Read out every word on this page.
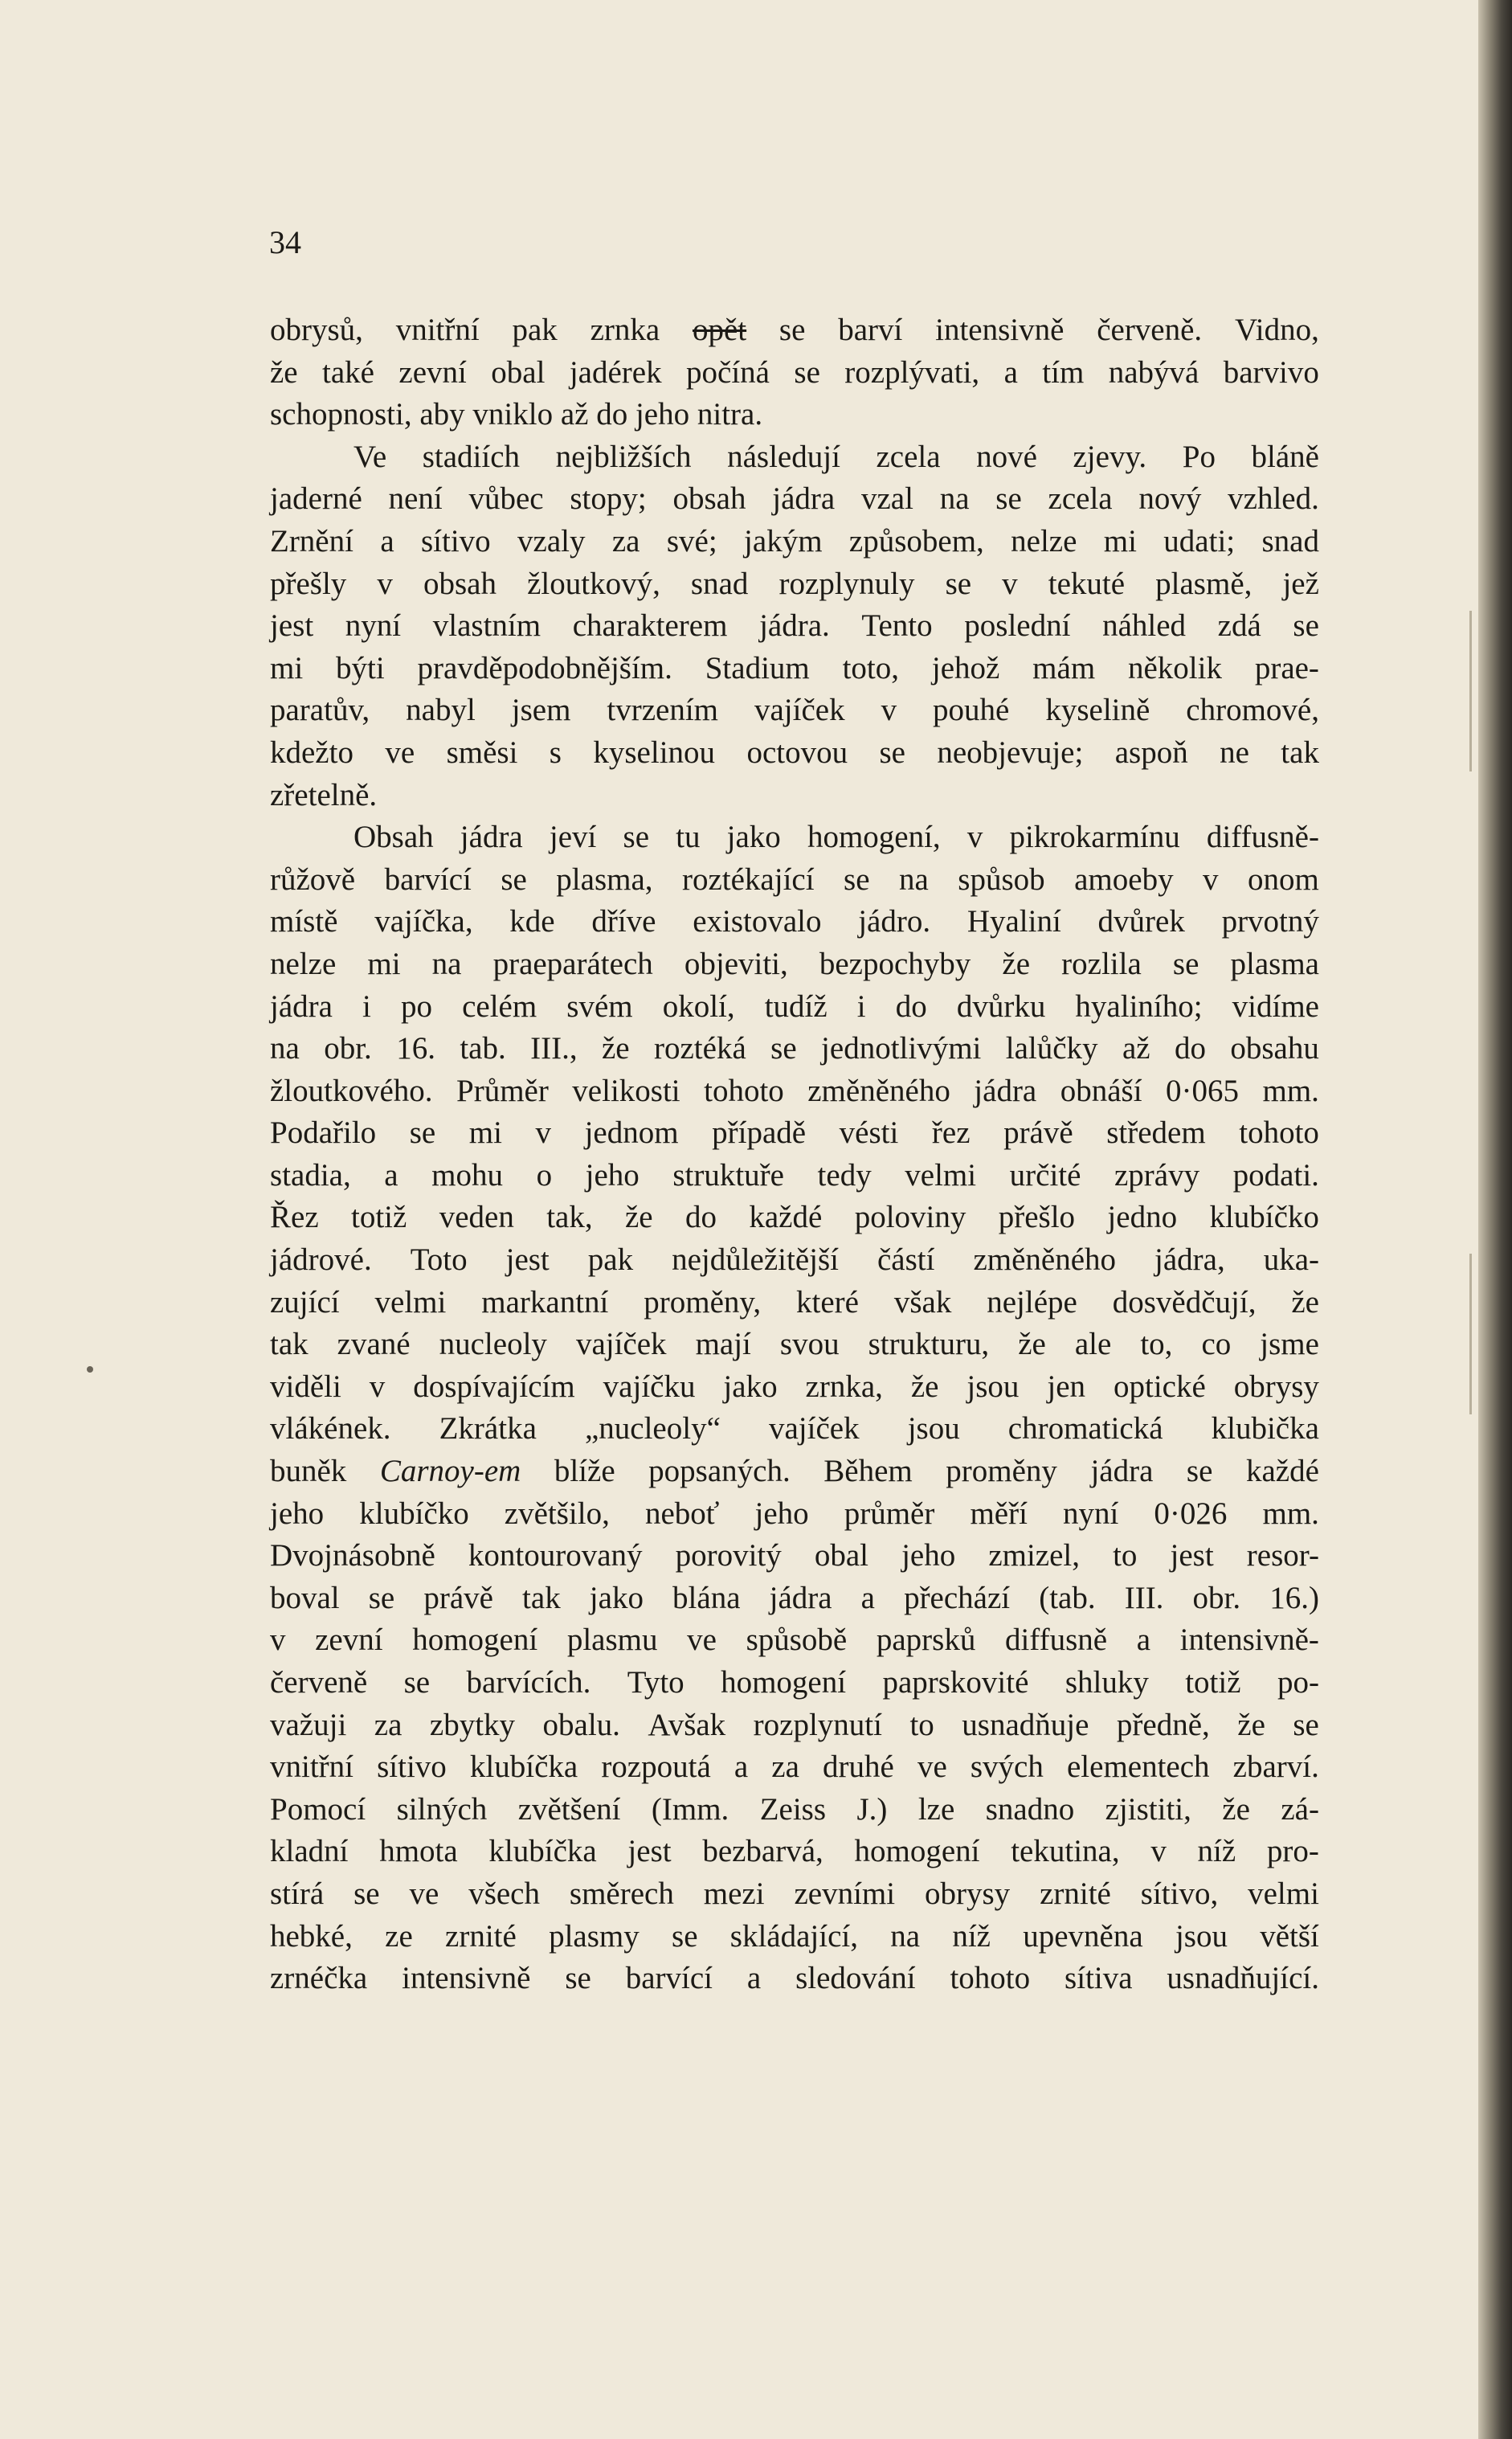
34
obrysů, vnitřní pak zrnka opět se barví intensivně červeně. Vidno,
že také zevní obal jadérek počíná se rozplývati, a tím nabývá barvivo
schopnosti, aby vniklo až do jeho nitra.
Ve stadiích nejbližších následují zcela nové zjevy. Po bláně
jaderné není vůbec stopy; obsah jádra vzal na se zcela nový vzhled.
Zrnění a sítivo vzaly za své; jakým způsobem, nelze mi udati; snad
přešly v obsah žloutkový, snad rozplynuly se v tekuté plasmě, jež
jest nyní vlastním charakterem jádra. Tento poslední náhled zdá se
mi býti pravděpodobnějším. Stadium toto, jehož mám několik prae-
paratův, nabyl jsem tvrzením vajíček v pouhé kyselině chromové,
kdežto ve směsi s kyselinou octovou se neobjevuje; aspoň ne tak
zřetelně.
Obsah jádra jeví se tu jako homogení, v pikrokarmínu diffusně-
růžově barvící se plasma, roztékající se na spůsob amoeby v onom
místě vajíčka, kde dříve existovalo jádro. Hyaliní dvůrek prvotný
nelze mi na praeparátech objeviti, bezpochyby že rozlila se plasma
jádra i po celém svém okolí, tudíž i do dvůrku hyaliního; vidíme
na obr. 16. tab. III., že roztéká se jednotlivými lalůčky až do obsahu
žloutkového. Průměr velikosti tohoto změněného jádra obnáší 0·065 mm.
Podařilo se mi v jednom případě vésti řez právě středem tohoto
stadia, a mohu o jeho struktuře tedy velmi určité zprávy podati.
Řez totiž veden tak, že do každé poloviny přešlo jedno klubíčko
jádrové. Toto jest pak nejdůležitější částí změněného jádra, uka-
zující velmi markantní proměny, které však nejlépe dosvědčují, že
tak zvané nucleoly vajíček mají svou strukturu, že ale to, co jsme
viděli v dospívajícím vajíčku jako zrnka, že jsou jen optické obrysy
vlákének. Zkrátka „nucleoly“ vajíček jsou chromatická klubička
buněk Carnoy-em blíže popsaných. Během proměny jádra se každé
jeho klubíčko zvětšilo, neboť jeho průměr měří nyní 0·026 mm.
Dvojnásobně kontourovaný porovitý obal jeho zmizel, to jest resor-
boval se právě tak jako blána jádra a přechází (tab. III. obr. 16.)
v zevní homogení plasmu ve spůsobě paprsků diffusně a intensivně-
červeně se barvících. Tyto homogení paprskovité shluky totiž po-
važuji za zbytky obalu. Avšak rozplynutí to usnadňuje předně, že se
vnitřní sítivo klubíčka rozpoutá a za druhé ve svých elementech zbarví.
Pomocí silných zvětšení (Imm. Zeiss J.) lze snadno zjistiti, že zá-
kladní hmota klubíčka jest bezbarvá, homogení tekutina, v níž pro-
stírá se ve všech směrech mezi zevními obrysy zrnité sítivo, velmi
hebké, ze zrnité plasmy se skládající, na níž upevněna jsou větší
zrnéčka intensivně se barvící a sledování tohoto sítiva usnadňující.
